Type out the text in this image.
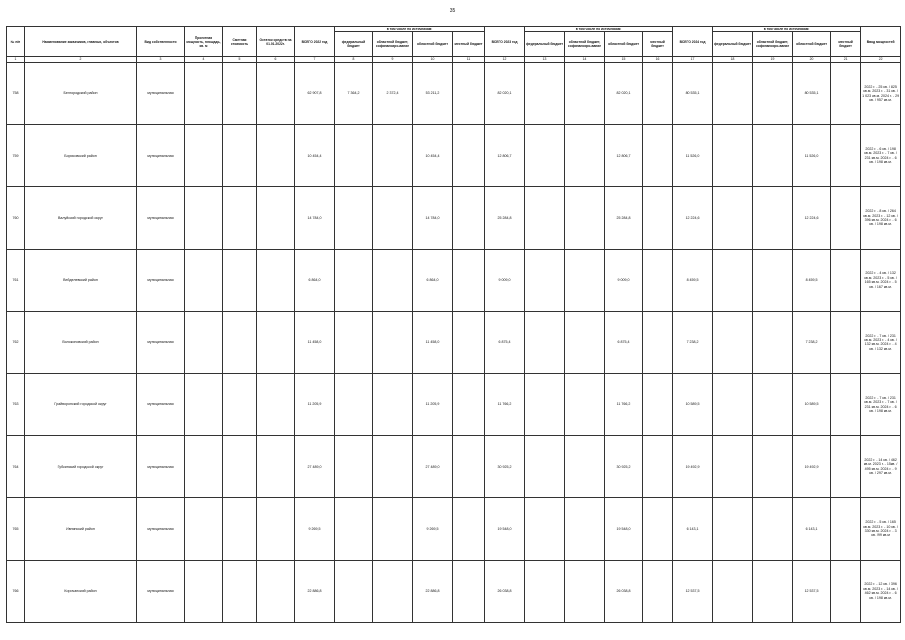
35
№ п/п	Наименование заказчиков, главных, объектов	Вид собственности	Проектная мощность, площадь, кв. м	Сметная стоимость	Остаток средств на 01.01.2022г.	ВСЕГО 2022 год	в том числе по источникам:				ВСЕГО 2023 год	в том числе по источникам:				ВСЕГО 2024 год	в том числе по источникам:				Ввод мощностей
							федеральный бюджет	областной бюджет, софинансиро-вание	областной бюджет	местный бюджет		федеральный бюджет	областной бюджет, софинансиро-вание	областной бюджет	местный бюджет		федеральный бюджет	областной бюджет, софинансиро-вание	областной бюджет	местный бюджет	
1	2	3	4	5	6	7	8	9	10	11	12	13	14	15	16	17	18	19	20	21	22
758	Белгородский район	муниципальная				62 907,8	7 364,2	2 372,4	53 211,2		82 020,1			82 020,1		80 535,1			80 535,1		2022 г. - 25 кв. / 825 кв.м. 2023 г. - 31 кв. / 1 023 кв.м. 2024 г. - 29 кв. / 957 кв.м.
759	Борисовский район	муниципальная				10 454,4			10 454,4		12 806,7			12 806,7		11 526,0			11 526,0		2022 г. - 6 кв. / 198 кв.м. 2023 г. - 7 кв. / 231 кв.м. 2024 г. - 6 кв. / 198 кв.м.
760	Валуйский городской округ	муниципальная				14 784,0			14 784,0		25 284,8			25 284,8		12 224,6			12 224,6		2022 г. - 8 кв. / 264 кв.м. 2023 г. - 12 кв. / 396 кв.м. 2024 г. - 6 кв. / 198 кв.м.
761	Вейделевский район	муниципальная				6 864,0			6 864,0		9 009,0			9 009,0		8 459,5			8 459,5		2022 г. - 4 кв. / 132 кв.м. 2023 г. - 5 кв. / 165 кв.м. 2024 г. - 5 кв. / 167 кв.м.
762	Волоконовский район	муниципальная				11 458,0			11 458,0		6 875,4			6 875,4		7 238,2			7 238,2		2022 г. - 7 кв. / 231 кв.м. 2023 г. - 4 кв. / 132 кв.м. 2024 г. - 4 кв. / 132 кв.м.
763	Грайворонский городской округ	муниципальная				11 205,9			11 205,9		11 766,2			11 766,2		10 589,5			10 589,5		2022 г. - 7 кв. / 231 кв.м. 2023 г. - 7 кв. / 231 кв.м. 2024 г. - 6 кв. / 198 кв.м.
764	Губкинский городской округ	муниципальная				27 489,0			27 489,0		30 925,2			30 925,2		19 492,9			19 492,9		2022 г. - 14 кв. / 462 кв.м. 2023 г. - 15кв. / 495 кв.м. 2024 г. - 9 кв. / 297 кв.м.
765	Ивнянский район	муниципальная				9 269,5			9 269,5		19 548,0			19 548,0		6 143,1			6 143,1		2022 г. - 5 кв. / 165 кв.м. 2023 г. - 10 кв. / 330 кв.м. 2024 г. - 3 кв. /99 кв.м
766	Корочанский район	муниципальная				22 886,8			22 886,8		26 038,8			26 038,8		12 537,5			12 537,5		2022 г. - 12 кв. / 396 кв.м. 2023 г. - 14 кв. / 462 кв.м. 2024 г. - 6 кв. / 198 кв.м.
